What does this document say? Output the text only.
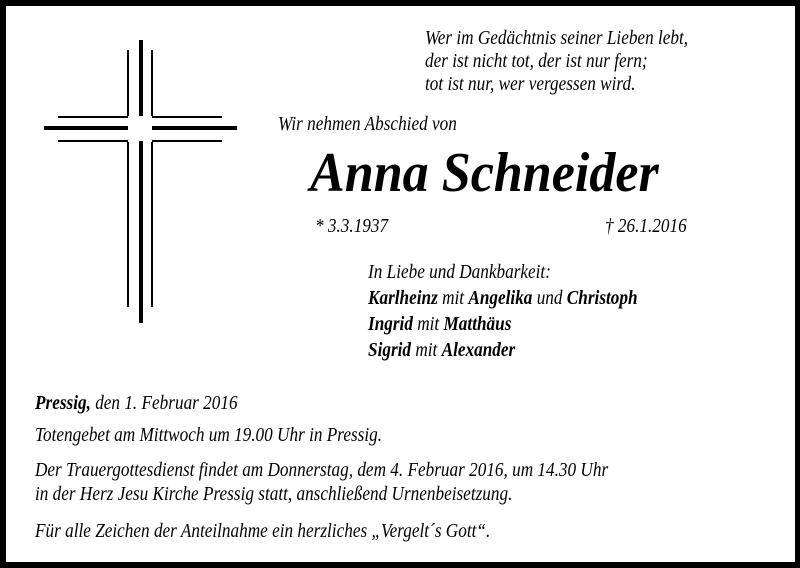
Wer im Gedächtnis seiner Lieben lebt,
der ist nicht tot, der ist nur fern;
tot ist nur, wer vergessen wird.
Wir nehmen Abschied von
Anna Schneider
* 3.3.1937	† 26.1.2016
In Liebe und Dankbarkeit:
Karlheinz mit Angelika und Christoph
Ingrid mit Matthäus
Sigrid mit Alexander
Pressig, den 1. Februar 2016
Totengebet am Mittwoch um 19.00 Uhr in Pressig.
Der Trauergottesdienst findet am Donnerstag, dem 4. Februar 2016, um 14.30 Uhr
in der Herz Jesu Kirche Pressig statt, anschließend Urnenbeisetzung.
Für alle Zeichen der Anteilnahme ein herzliches „Vergelt´s Gott“.
